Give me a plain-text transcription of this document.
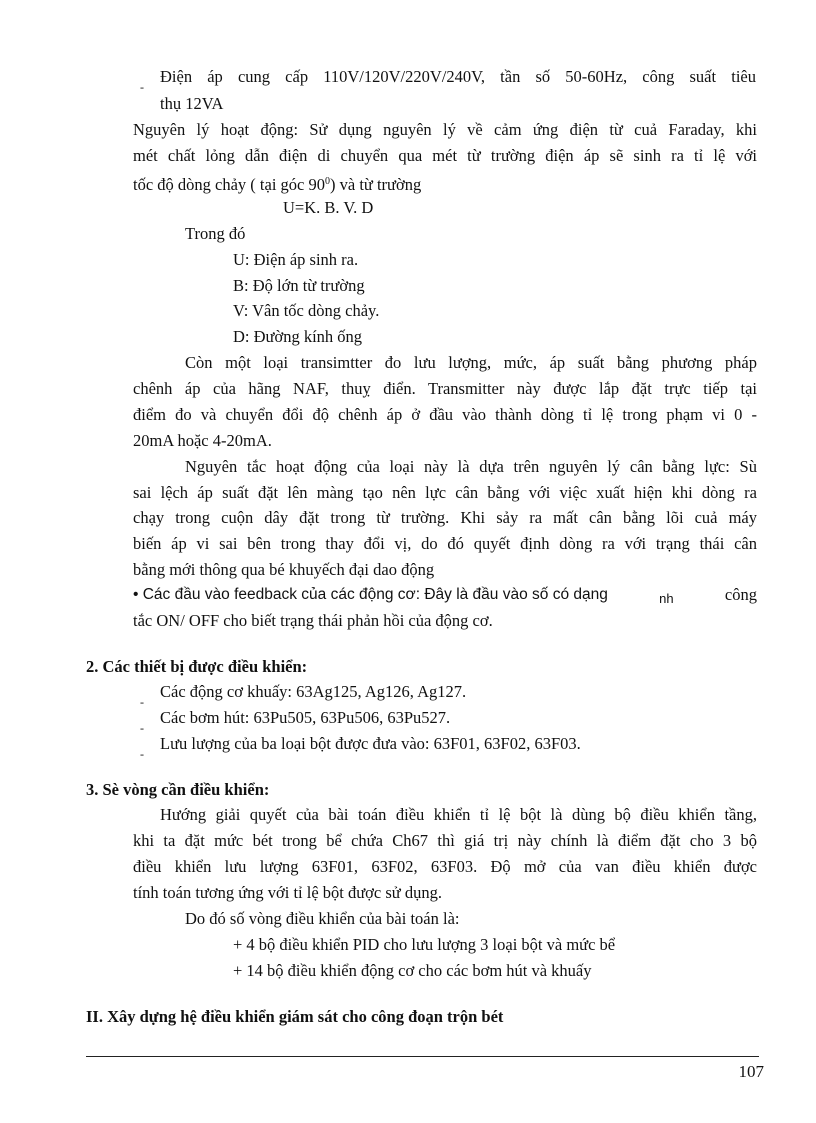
-
Điện áp cung cấp 110V/120V/220V/240V, tần số 50-60Hz, công suất tiêu
thụ 12VA
Nguyên lý hoạt động: Sử dụng nguyên lý về cảm ứng điện từ cuả Faraday, khi
mét chất lỏng dẫn điện di chuyển qua mét từ trường điện áp sẽ sinh ra tỉ lệ với
tốc độ dòng chảy ( tại góc $90^0$) và từ trường
U=K. B. V. D
Trong đó
U: Điện áp sinh ra.
B: Độ lớn từ trường
V: Vân tốc dòng chảy.
D: Đường kính ống
Còn một loại transimtter đo lưu lượng, mức, áp suất bằng phương pháp
chênh áp của hãng NAF, thuỵ điển. Transmitter này được lắp đặt trực tiếp tại
điểm đo và chuyển đổi độ chênh áp ở đầu vào thành dòng tỉ lệ trong phạm vi 0 -
20mA hoặc 4-20mA.
Nguyên tắc hoạt động của loại này là dựa trên nguyên lý cân bằng lực: Sù
sai lệch áp suất đặt lên màng tạo nên lực cân bằng với việc xuất hiện khi dòng ra
chạy trong cuộn dây đặt trong từ trường. Khi sảy ra mất cân bằng lõi cuả máy
biến áp vi sai bên trong thay đổi vị, do đó quyết định dòng ra với trạng thái cân
bằng mới thông qua bé khuyếch đại dao động
• Các đầu vào feedback của các động cơ: Đây là đầu vào số có dạng	nh	công
tắc ON/ OFF cho biết trạng thái phản hồi của động cơ.
2. Các thiết bị được điều khiển:
-
Các động cơ khuấy: 63Ag125, Ag126, Ag127.
-
Các bơm hút: 63Pu505, 63Pu506, 63Pu527.
-
Lưu lượng của ba loại bột được đưa vào: 63F01, 63F02, 63F03.
3. Sè vòng cần điều khiển:
Hướng giải quyết của bài toán điều khiển tỉ lệ bột là dùng bộ điều khiển tầng,
khi ta đặt mức bét trong bể chứa Ch67 thì giá trị này chính là điểm đặt cho 3 bộ
điều khiển lưu lượng 63F01, 63F02, 63F03. Độ mở của van điều khiển được
tính toán tương ứng với tỉ lệ bột được sử dụng.
Do đó số vòng điều khiển của bài toán là:
+ 4 bộ điều khiển PID cho lưu lượng 3 loại bột và mức bể
+ 14 bộ điều khiển động cơ cho các bơm hút và khuấy
II. Xây dựng hệ điều khiển giám sát cho công đoạn trộn bét
107
